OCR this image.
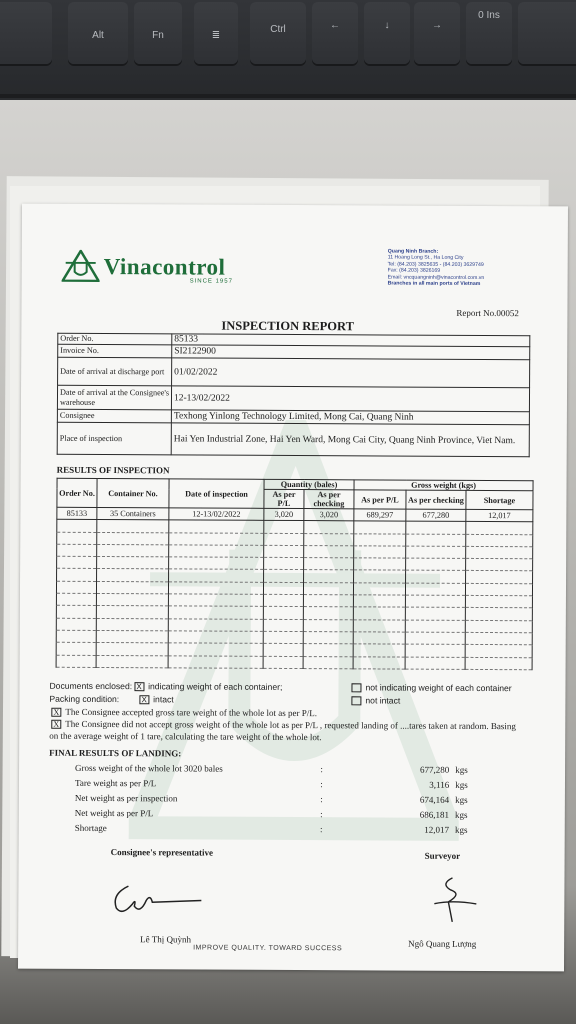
Alt	Fn	≣
Ctrl	←	↓	→
0 Ins
Vinacontrol
SINCE 1957
Quang Ninh Branch:
11 Hoang Long St., Ha Long City
Tel: (84.203) 3825635 - (84.203) 3629749
Fax: (84.203) 3826169
Email: vncquangninh@vinacontrol.com.vn
Branches in all main ports of Vietnam
Report No.00052
INSPECTION REPORT
Order No.	85133
Invoice No.	SI2122900
Date of arrival at discharge port	01/02/2022
Date of arrival at the Consignee's warehouse	12-13/02/2022
Consignee	Texhong Yinlong Technology Limited, Mong Cai, Quang Ninh
Place of inspection	Hai Yen Industrial Zone, Hai Yen Ward, Mong Cai City, Quang Ninh Province, Viet Nam.
RESULTS OF INSPECTION
Order No.	Container No.	Date of inspection	Quantity (bales)		Gross weight (kgs)		
			As per P/L	As per checking	As per P/L	As per checking	Shortage
85133	35 Containers	12-13/02/2022	3,020	3,020	689,297	677,280	12,017

Documents enclosed: X indicating weight of each container;
Packing condition:	X intact
not indicating weight of each container
not intact
X The Consignee accepted gross tare weight of the whole lot as per P/L.
X The Consignee did not accept gross weight of the whole lot as per P/L , requested landing of ....tares taken at random. Basing on the average weight of 1 tare, calculating the tare weight of the whole lot.
FINAL RESULTS OF LANDING:
Gross weight of the whole lot 3020 bales	:	677,280	kgs
Tare weight as per P/L	:	3,116	kgs
Net weight as per inspection	:	674,164	kgs
Net weight as per P/L	:	686,181	kgs
Shortage	:	12,017	kgs
Consignee's representative	Surveyor
Lê Thị Quỳnh	Ngô Quang Lượng
IMPROVE QUALITY. TOWARD SUCCESS
